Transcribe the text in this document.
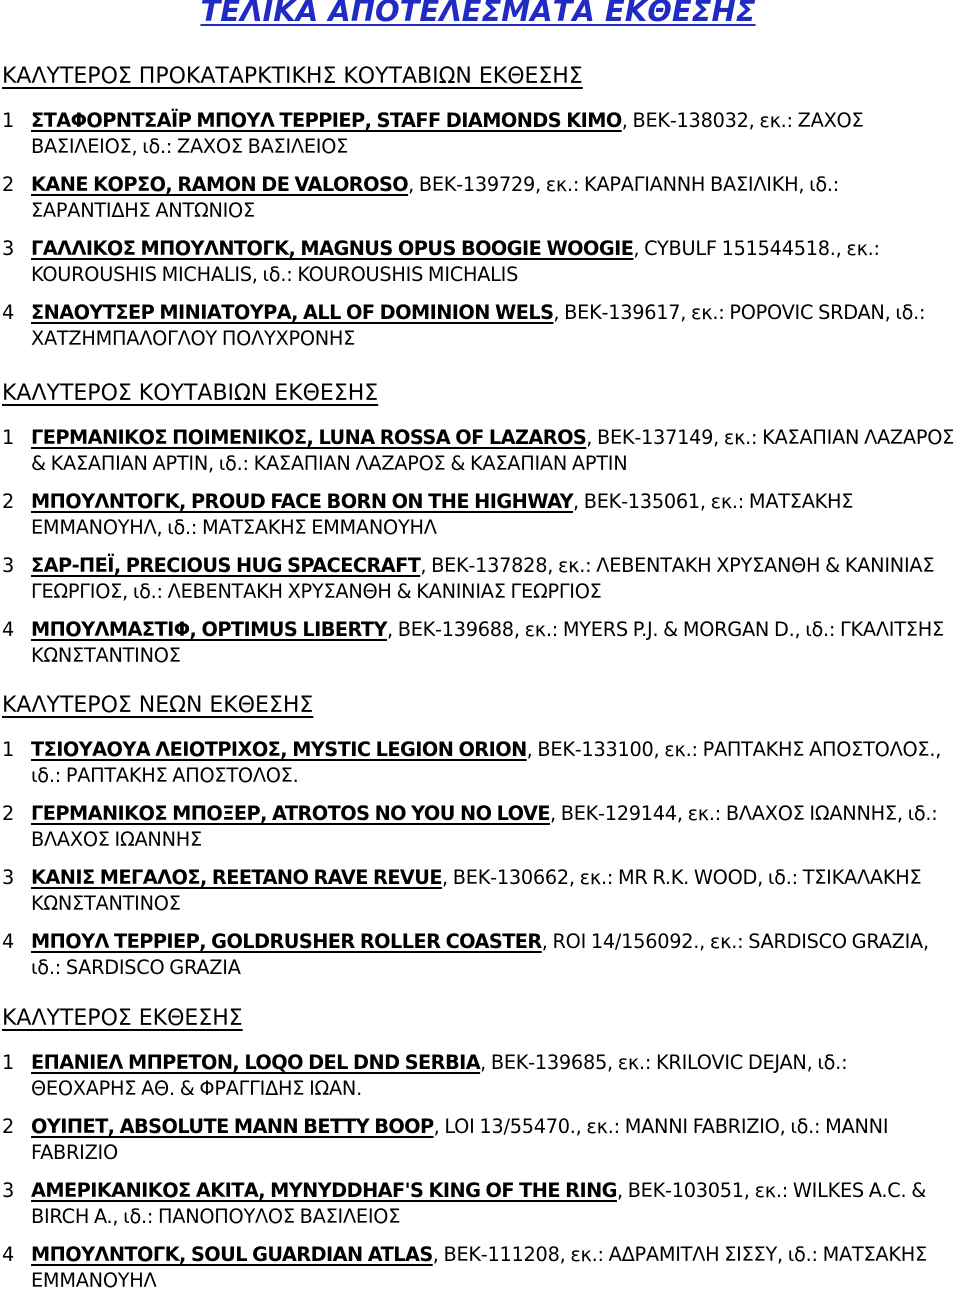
ΤΕΛΙΚΑ ΑΠΟΤΕΛΕΣΜΑΤΑ ΕΚΘΕΣΗΣ
ΚΑΛΥΤΕΡΟΣ ΠΡΟΚΑΤΑΡΚΤΙΚΗΣ ΚΟΥΤΑΒΙΩΝ ΕΚΘΕΣΗΣ
1 ΣΤΑΦΟΡΝΤΣΑΪΡ ΜΠΟΥΛ ΤΕΡΡΙΕΡ, STAFF DIAMONDS KIMO, ΒΕΚ-138032, εκ.: ΖΑΧΟΣ ΒΑΣΙΛΕΙΟΣ, ιδ.: ΖΑΧΟΣ ΒΑΣΙΛΕΙΟΣ
2 ΚΑΝΕ ΚΟΡΣΟ, RAMON DE VALOROSO, ΒΕΚ-139729, εκ.: ΚΑΡΑΓΙΑΝΝΗ ΒΑΣΙΛΙΚΗ, ιδ.: ΣΑΡΑΝΤΙΔΗΣ ΑΝΤΩΝΙΟΣ
3 ΓΑΛΛΙΚΟΣ ΜΠΟΥΛΝΤΟΓΚ, MAGNUS OPUS BOOGIE WOOGIE, CYBULF 151544518., εκ.: KOUROUSHIS MICHALIS, ιδ.: KOUROUSHIS MICHALIS
4 ΣΝΑΟΥΤΣΕΡ ΜΙΝΙΑΤΟΥΡΑ, ALL OF DOMINION WELS, ΒΕΚ-139617, εκ.: POPOVIC SRDAN, ιδ.: ΧΑΤΖΗΜΠΑΛΟΓΛΟΥ ΠΟΛΥΧΡΟΝΗΣ
ΚΑΛΥΤΕΡΟΣ ΚΟΥΤΑΒΙΩΝ ΕΚΘΕΣΗΣ
1 ΓΕΡΜΑΝΙΚΟΣ ΠΟΙΜΕΝΙΚΟΣ, LUNA ROSSA OF LAZAROS, ΒΕΚ-137149, εκ.: ΚΑΣΑΠΙΑΝ ΛΑΖΑΡΟΣ & ΚΑΣΑΠΙΑΝ ΑΡΤΙΝ, ιδ.: ΚΑΣΑΠΙΑΝ ΛΑΖΑΡΟΣ & ΚΑΣΑΠΙΑΝ ΑΡΤΙΝ
2 ΜΠΟΥΛΝΤΟΓΚ, PROUD FACE BORN ON THE HIGHWAY, ΒΕΚ-135061, εκ.: ΜΑΤΣΑΚΗΣ ΕΜΜΑΝΟΥΗΛ, ιδ.: ΜΑΤΣΑΚΗΣ ΕΜΜΑΝΟΥΗΛ
3 ΣΑΡ-ΠΕΪ, PRECIOUS HUG SPACECRAFT, ΒΕΚ-137828, εκ.: ΛΕΒΕΝΤΑΚΗ ΧΡΥΣΑΝΘΗ & ΚΑΝΙΝΙΑΣ ΓΕΩΡΓΙΟΣ, ιδ.: ΛΕΒΕΝΤΑΚΗ ΧΡΥΣΑΝΘΗ & ΚΑΝΙΝΙΑΣ ΓΕΩΡΓΙΟΣ
4 ΜΠΟΥΛΜΑΣΤΙΦ, OPTIMUS LIBERTY, ΒΕΚ-139688, εκ.: MYERS P.J. & MORGAN D., ιδ.: ΓΚΑΛΙΤΣΗΣ ΚΩΝΣΤΑΝΤΙΝΟΣ
ΚΑΛΥΤΕΡΟΣ ΝΕΩΝ ΕΚΘΕΣΗΣ
1 ΤΣΙΟΥΑΟΥΑ ΛΕΙΟΤΡΙΧΟΣ, MYSTIC LEGION ORION, ΒΕΚ-133100, εκ.: ΡΑΠΤΑΚΗΣ ΑΠΟΣΤΟΛΟΣ., ιδ.: ΡΑΠΤΑΚΗΣ ΑΠΟΣΤΟΛΟΣ.
2 ΓΕΡΜΑΝΙΚΟΣ ΜΠΟΞΕΡ, ATROTOS NO YOU NO LOVE, ΒΕΚ-129144, εκ.: ΒΛΑΧΟΣ ΙΩΑΝΝΗΣ, ιδ.: ΒΛΑΧΟΣ ΙΩΑΝΝΗΣ
3 ΚΑΝΙΣ ΜΕΓΑΛΟΣ, REETANO RAVE REVUE, ΒΕΚ-130662, εκ.: MR R.K. WOOD, ιδ.: ΤΣΙΚΑΛΑΚΗΣ ΚΩΝΣΤΑΝΤΙΝΟΣ
4 ΜΠΟΥΛ ΤΕΡΡΙΕΡ, GOLDRUSHER ROLLER COASTER, ROI 14/156092., εκ.: SARDISCO GRAZIA, ιδ.: SARDISCO GRAZIA
ΚΑΛΥΤΕΡΟΣ ΕΚΘΕΣΗΣ
1 ΕΠΑΝΙΕΛ ΜΠΡΕΤΟΝ, LOQO DEL DND SERBIA, ΒΕΚ-139685, εκ.: KRILOVIC DEJAN, ιδ.: ΘΕΟΧΑΡΗΣ ΑΘ. & ΦΡΑΓΓΙΔΗΣ ΙΩΑΝ.
2 ΟΥΙΠΕΤ, ABSOLUTE MANN BETTY BOOP, LOI 13/55470., εκ.: MANNI FABRIZIO, ιδ.: MANNI FABRIZIO
3 ΑΜΕΡΙΚΑΝΙΚΟΣ ΑΚΙΤΑ, MYNYDDHAF'S KING OF THE RING, ΒΕΚ-103051, εκ.: WILKES A.C. & BIRCH A., ιδ.: ΠΑΝΟΠΟΥΛΟΣ ΒΑΣΙΛΕΙΟΣ
4 ΜΠΟΥΛΝΤΟΓΚ, SOUL GUARDIAN ATLAS, ΒΕΚ-111208, εκ.: ΑΔΡΑΜΙΤΛΗ ΣΙΣΣΥ, ιδ.: ΜΑΤΣΑΚΗΣ ΕΜΜΑΝΟΥΗΛ
